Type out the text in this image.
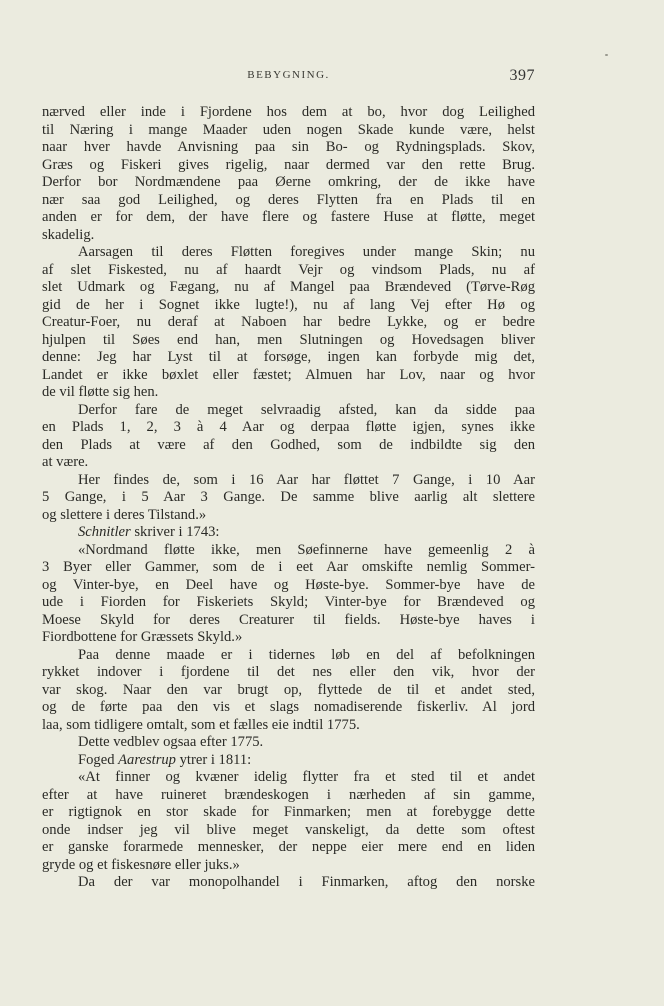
BEBYGNING.	397
nærved eller inde i Fjordene hos dem at bo, hvor dog Leilighed
til Næring i mange Maader uden nogen Skade kunde være, helst
naar hver havde Anvisning paa sin Bo- og Rydningsplads. Skov,
Græs og Fiskeri gives rigelig, naar dermed var den rette Brug.
Derfor bor Nordmændene paa Øerne omkring, der de ikke have
nær saa god Leilighed, og deres Flytten fra en Plads til en
anden er for dem, der have flere og fastere Huse at fløtte, meget
skadelig.
Aarsagen til deres Fløtten foregives under mange Skin; nu
af slet Fiskested, nu af haardt Vejr og vindsom Plads, nu af
slet Udmark og Fægang, nu af Mangel paa Brændeved (Tørve-Røg
gid de her i Sognet ikke lugte!), nu af lang Vej efter Hø og
Creatur-Foer, nu deraf at Naboen har bedre Lykke, og er bedre
hjulpen til Søes end han, men Slutningen og Hovedsagen bliver
denne: Jeg har Lyst til at forsøge, ingen kan forbyde mig det,
Landet er ikke bøxlet eller fæstet; Almuen har Lov, naar og hvor
de vil fløtte sig hen.
Derfor fare de meget selvraadig afsted, kan da sidde paa
en Plads 1, 2, 3 à 4 Aar og derpaa fløtte igjen, synes ikke
den Plads at være af den Godhed, som de indbildte sig den
at være.
Her findes de, som i 16 Aar har fløttet 7 Gange, i 10 Aar
5 Gange, i 5 Aar 3 Gange. De samme blive aarlig alt slettere
og slettere i deres Tilstand.»
Schnitler skriver i 1743:
«Nordmand fløtte ikke, men Søefinnerne have gemeenlig 2 à
3 Byer eller Gammer, som de i eet Aar omskifte nemlig Sommer-
og Vinter-bye, en Deel have og Høste-bye. Sommer-bye have de
ude i Fiorden for Fiskeriets Skyld; Vinter-bye for Brændeved og
Moese Skyld for deres Creaturer til fields. Høste-bye haves i
Fiordbottene for Græssets Skyld.»
Paa denne maade er i tidernes løb en del af befolkningen
rykket indover i fjordene til det nes eller den vik, hvor der
var skog. Naar den var brugt op, flyttede de til et andet sted,
og de førte paa den vis et slags nomadiserende fiskerliv. Al jord
laa, som tidligere omtalt, som et fælles eie indtil 1775.
Dette vedblev ogsaa efter 1775.
Foged Aarestrup ytrer i 1811:
«At finner og kvæner idelig flytter fra et sted til et andet
efter at have ruineret brændeskogen i nærheden af sin gamme,
er rigtignok en stor skade for Finmarken; men at forebygge dette
onde indser jeg vil blive meget vanskeligt, da dette som oftest
er ganske forarmede mennesker, der neppe eier mere end en liden
gryde og et fiskesnøre eller juks.»
Da der var monopolhandel i Finmarken, aftog den norske
